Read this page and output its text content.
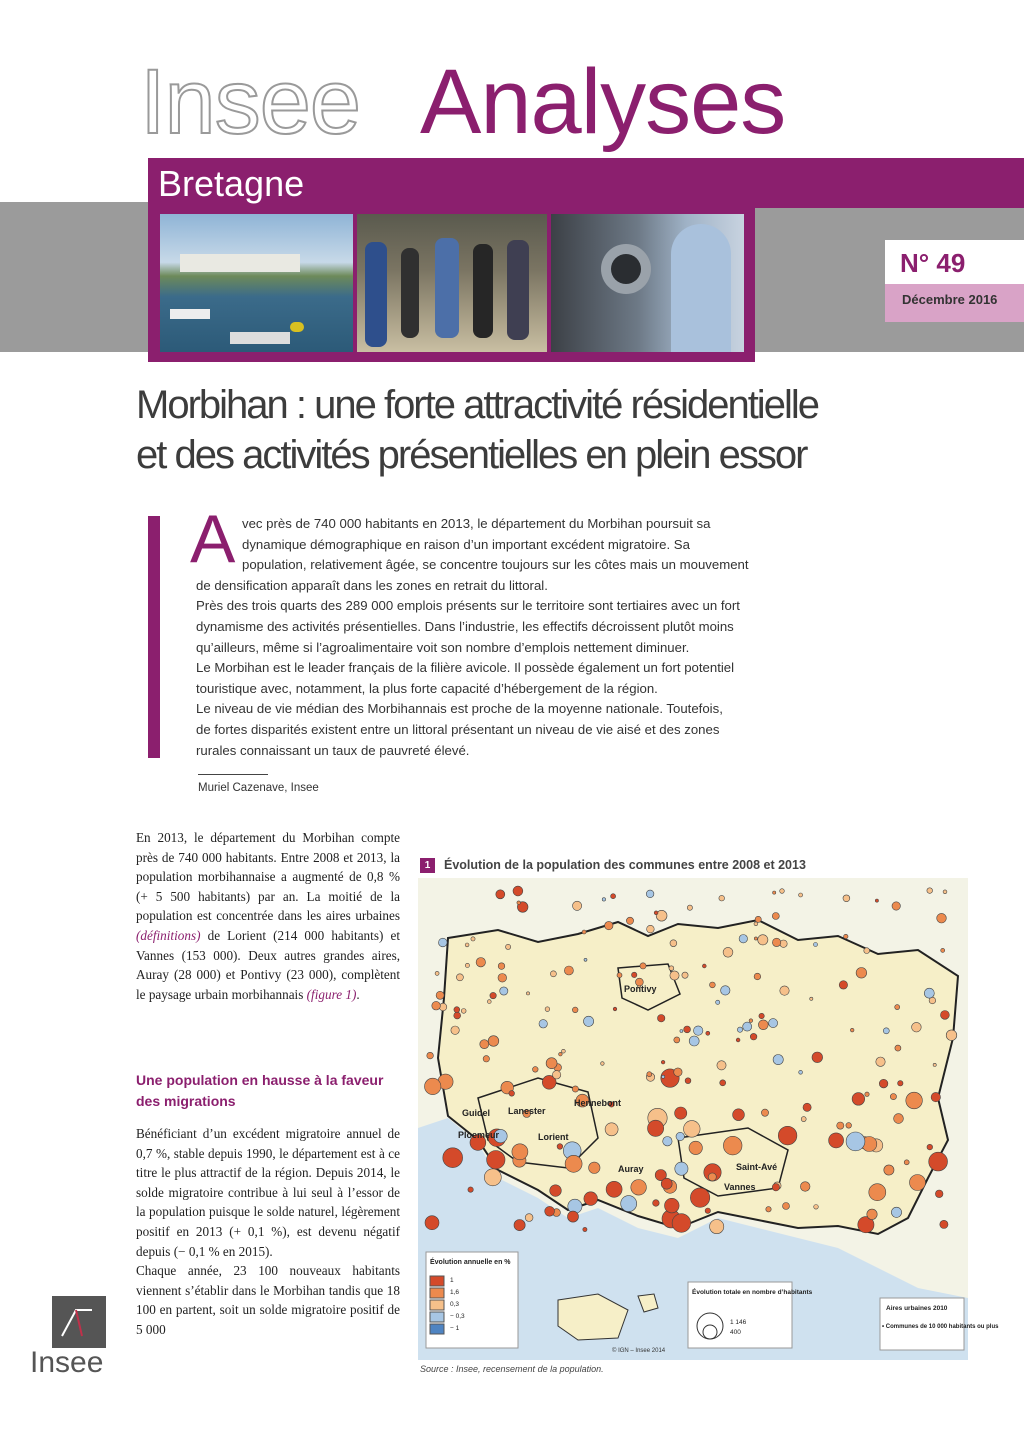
Insee Analyses
Bretagne
N° 49
Décembre 2016
Morbihan : une forte attractivité résidentielle
et des activités présentielles en plein essor
A vec près de 740 000 habitants en 2013, le département du Morbihan poursuit sa

dynamique démographique en raison d’un important excédent migratoire. Sa

population, relativement âgée, se concentre toujours sur les côtes mais un mouvement

de densification apparaît dans les zones en retrait du littoral.

Près des trois quarts des 289 000 emplois présents sur le territoire sont tertiaires avec un fort

dynamisme des activités présentielles. Dans l’industrie, les effectifs décroissent plutôt moins

qu’ailleurs, même si l’agroalimentaire voit son nombre d’emplois nettement diminuer.

Le Morbihan est le leader français de la filière avicole. Il possède également un fort potentiel

touristique avec, notamment, la plus forte capacité d’hébergement de la région.

Le niveau de vie médian des Morbihannais est proche de la moyenne nationale. Toutefois,

de fortes disparités existent entre un littoral présentant un niveau de vie aisé et des zones

rurales connaissant un taux de pauvreté élevé.

Muriel Cazenave, Insee

En 2013, le département du Morbihan compte près de 740 000 habitants. Entre 2008 et 2013, la population morbihannaise a augmenté de 0,8 % (+ 5 500 habitants) par an. La moitié de la population est concentrée dans les aires urbaines (définitions) de Lorient (214 000 habitants) et Vannes (153 000). Deux autres grandes aires, Auray (28 000) et Pontivy (23 000), complètent le paysage urbain morbihannais (figure 1).

Une population en hausse à la faveur des migrations

Bénéficiant d’un excédent migratoire annuel de 0,7 %, stable depuis 1990, le département est à ce titre le plus attractif de la région. Depuis 2014, le solde migratoire contribue à lui seul à l’essor de la population puisque le solde naturel, légèrement positif en 2013 (+ 0,1 %), est devenu négatif depuis (− 0,1 % en 2015).

Chaque année, 23 100 nouveaux habitants viennent s’établir dans le Morbihan tandis que 18 100 en partent, soit un solde migratoire positif de 5 000

Insee
1	Évolution de la population des communes entre 2008 et 2013
Pontivy
Hennebont
Guidel Lanester
Ploemeur	Lorient
Auray	Saint-Avé
Vannes
Évolution annuelle en %
1
1,6
0,3
− 0,3
− 1
Évolution totale en nombre d’habitants
1 146
400
Aires urbaines 2010
• Communes de 10 000 habitants ou plus
© IGN – Insee 2014
Source : Insee, recensement de la population.
